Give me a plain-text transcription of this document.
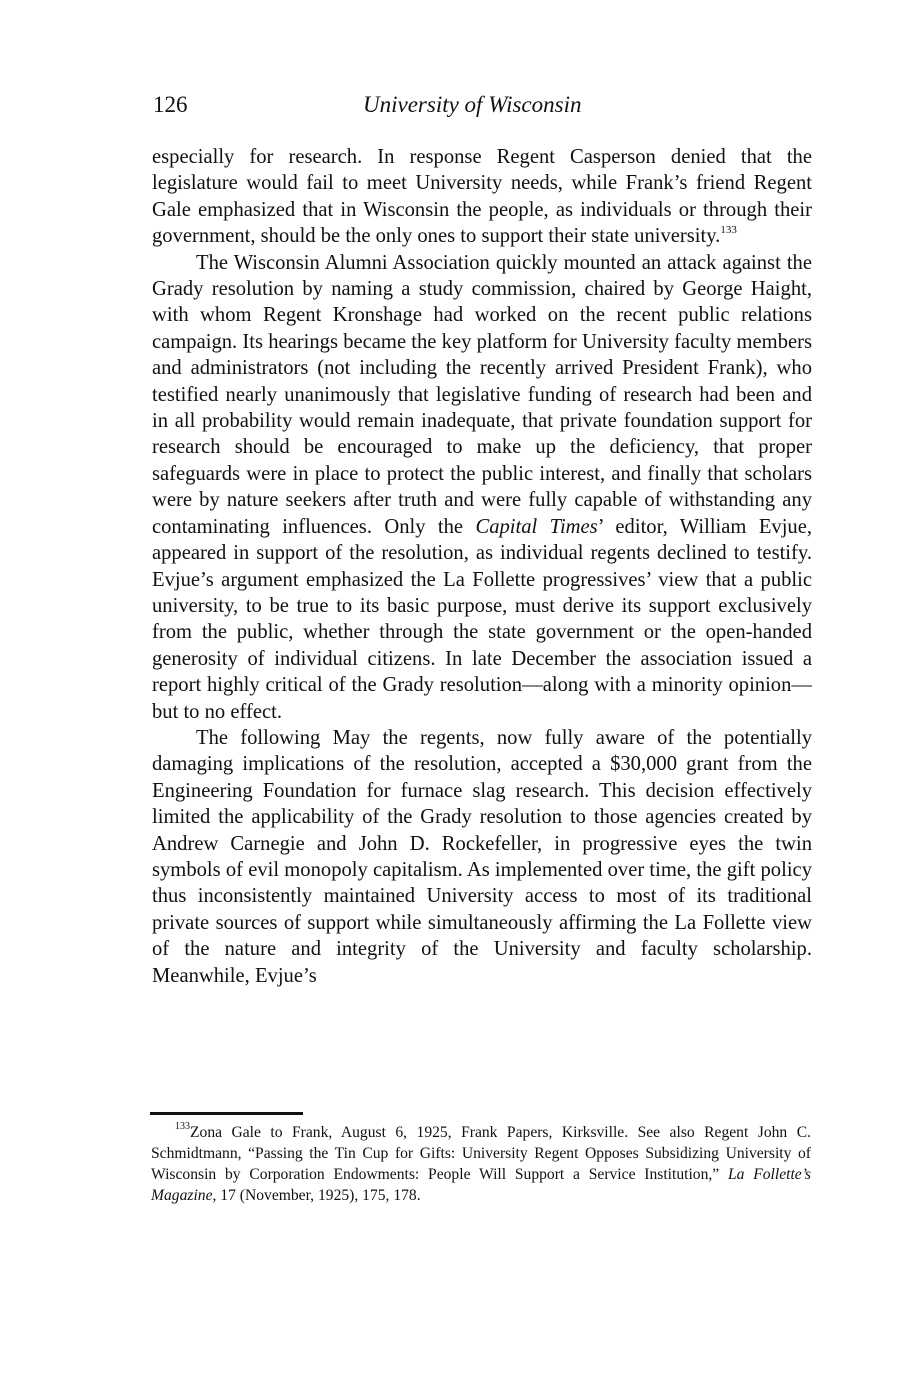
126	University of Wisconsin

especially for research. In response Regent Casperson denied that the legislature would fail to meet University needs, while Frank’s friend Regent Gale emphasized that in Wisconsin the people, as individuals or through their government, should be the only ones to support their state university.$^{133}$

The Wisconsin Alumni Association quickly mounted an attack against the Grady resolution by naming a study commission, chaired by George Haight, with whom Regent Kronshage had worked on the recent public relations campaign. Its hearings became the key platform for University faculty members and administrators (not including the recently arrived President Frank), who testified nearly unanimously that legislative funding of research had been and in all probability would remain inadequate, that private foundation support for research should be encouraged to make up the deficiency, that proper safeguards were in place to protect the public interest, and finally that scholars were by nature seekers after truth and were fully capable of withstanding any contaminating influences. Only the Capital Times’ editor, William Evjue, appeared in support of the resolution, as individual regents declined to testify. Evjue’s argument emphasized the La Follette progressives’ view that a public university, to be true to its basic purpose, must derive its support exclusively from the public, whether through the state government or the open-handed generosity of individual citizens. In late December the association issued a report highly critical of the Grady resolution—along with a minority opinion—but to no effect.

The following May the regents, now fully aware of the potentially damaging implications of the resolution, accepted a $30,000 grant from the Engineering Foundation for furnace slag research. This decision effectively limited the applicability of the Grady resolution to those agencies created by Andrew Carnegie and John D. Rockefeller, in progressive eyes the twin symbols of evil monopoly capitalism. As implemented over time, the gift policy thus inconsistently maintained University access to most of its traditional private sources of support while simultaneously affirming the La Follette view of the nature and integrity of the University and faculty scholarship. Meanwhile, Evjue’s

$^{133}$Zona Gale to Frank, August 6, 1925, Frank Papers, Kirksville. See also Regent John C. Schmidtmann, “Passing the Tin Cup for Gifts: University Regent Opposes Subsidizing University of Wisconsin by Corporation Endowments: People Will Support a Service Institution,” La Follette’s Magazine, 17 (November, 1925), 175, 178.
